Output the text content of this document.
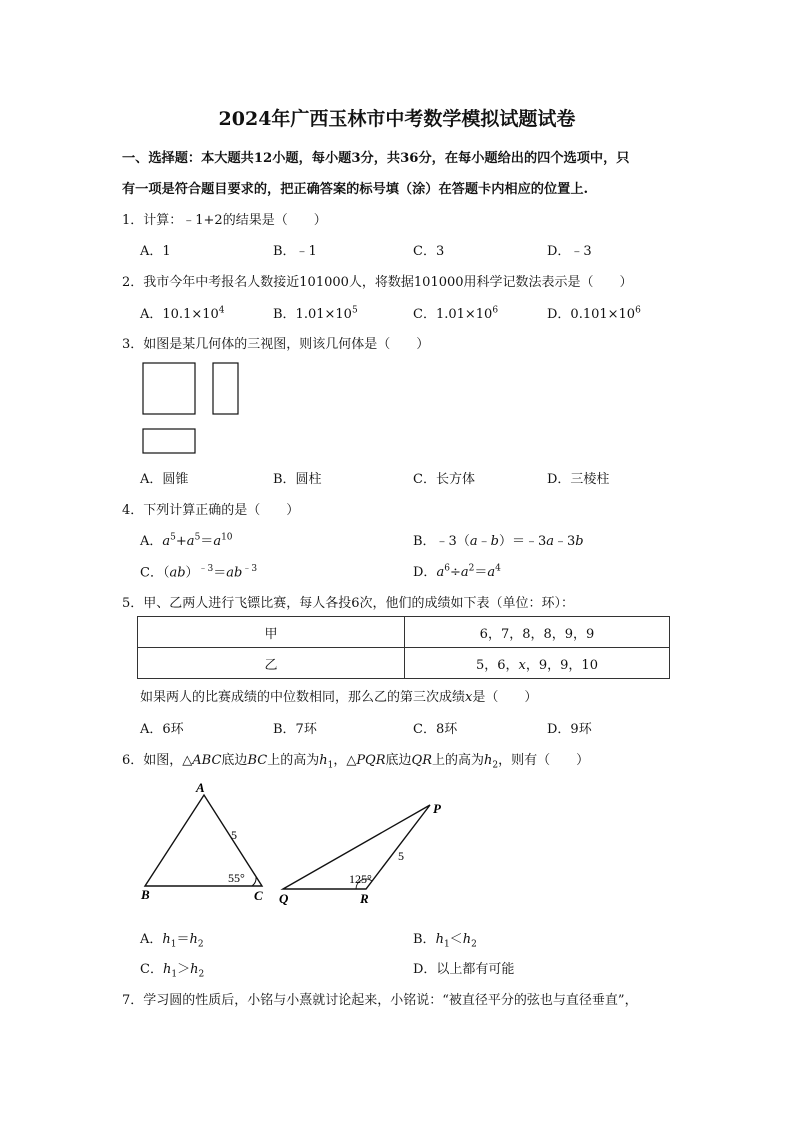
2024年广西玉林市中考数学模拟试题试卷
一、选择题：本大题共12小题，每小题3分，共36分，在每小题给出的四个选项中，只
有一项是符合题目要求的，把正确答案的标号填（涂）在答题卡内相应的位置上.
1．计算：﹣1+2的结果是（　　）
A．1	B．﹣1	C．3	D．﹣3
2．我市今年中考报名人数接近101000人，将数据101000用科学记数法表示是（　　）
A．$10.1\times 10^4$	B．$1.01\times 10^5$	C．$1.01\times 10^6$	D．$0.101\times 10^6$
3．如图是某几何体的三视图，则该几何体是（　　）
A．圆锥	B．圆柱	C．长方体	D．三棱柱
4．下列计算正确的是（　　）
A．$a^5+a^5=a^{10}$	B．﹣3（a﹣b）＝﹣3a﹣3b
C．$(ab)^{﹣3}=ab^{﹣3}$	D．$a^6\div a^2=a^4$
5．甲、乙两人进行飞镖比赛，每人各投6次，他们的成绩如下表（单位：环）：
甲	6，7，8，8，9，9
乙	5，6，x，9，9，10
如果两人的比赛成绩的中位数相同，那么乙的第三次成绩x是（　　）
A．6环	B．7环	C．8环	D．9环
6．如图，△ABC底边BC上的高为$h_1$，△PQR底边QR上的高为$h_2$，则有（　　）
A
B	C
5
55°
P
Q	R
5
125°
A．$h_1=h_2$	B．$h_1<h_2$
C．$h_1>h_2$	D．以上都有可能
7．学习圆的性质后，小铭与小熹就讨论起来，小铭说：“被直径平分的弦也与直径垂直”，
